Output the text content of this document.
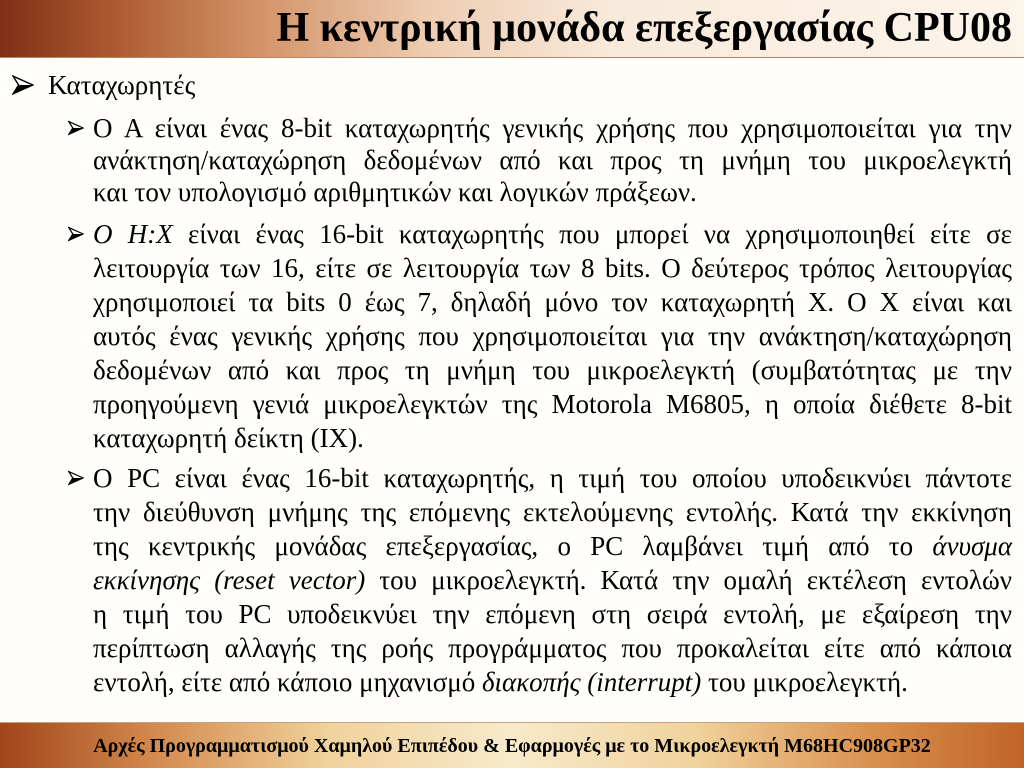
Η κεντρική μονάδα επεξεργασίας CPU08
Καταχωρητές
Ο Α είναι ένας 8-bit καταχωρητής γενικής χρήσης που χρησιμοποιείται για την
ανάκτηση/καταχώρηση δεδομένων από και προς τη μνήμη του μικροελεγκτή
και τον υπολογισμό αριθμητικών και λογικών πράξεων.
Ο H:X είναι ένας 16-bit καταχωρητής που μπορεί να χρησιμοποιηθεί είτε σε
λειτουργία των 16, είτε σε λειτουργία των 8 bits. Ο δεύτερος τρόπος λειτουργίας
χρησιμοποιεί τα bits 0 έως 7, δηλαδή μόνο τον καταχωρητή X. Ο X είναι και
αυτός ένας γενικής χρήσης που χρησιμοποιείται για την ανάκτηση/καταχώρηση
δεδομένων από και προς τη μνήμη του μικροελεγκτή (συμβατότητας με την
προηγούμενη γενιά μικροελεγκτών της Motorola M6805, η οποία διέθετε 8-bit
καταχωρητή δείκτη (IX).
Ο PC είναι ένας 16-bit καταχωρητής, η τιμή του οποίου υποδεικνύει πάντοτε
την διεύθυνση μνήμης της επόμενης εκτελούμενης εντολής. Κατά την εκκίνηση
της κεντρικής μονάδας επεξεργασίας, ο PC λαμβάνει τιμή από το άνυσμα
εκκίνησης (reset vector) του μικροελεγκτή. Κατά την ομαλή εκτέλεση εντολών
η τιμή του PC υποδεικνύει την επόμενη στη σειρά εντολή, με εξαίρεση την
περίπτωση αλλαγής της ροής προγράμματος που προκαλείται είτε από κάποια
εντολή, είτε από κάποιο μηχανισμό διακοπής (interrupt) του μικροελεγκτή.
Αρχές Προγραμματισμού Χαμηλού Επιπέδου & Εφαρμογές με το Μικροελεγκτή M68HC908GP32
